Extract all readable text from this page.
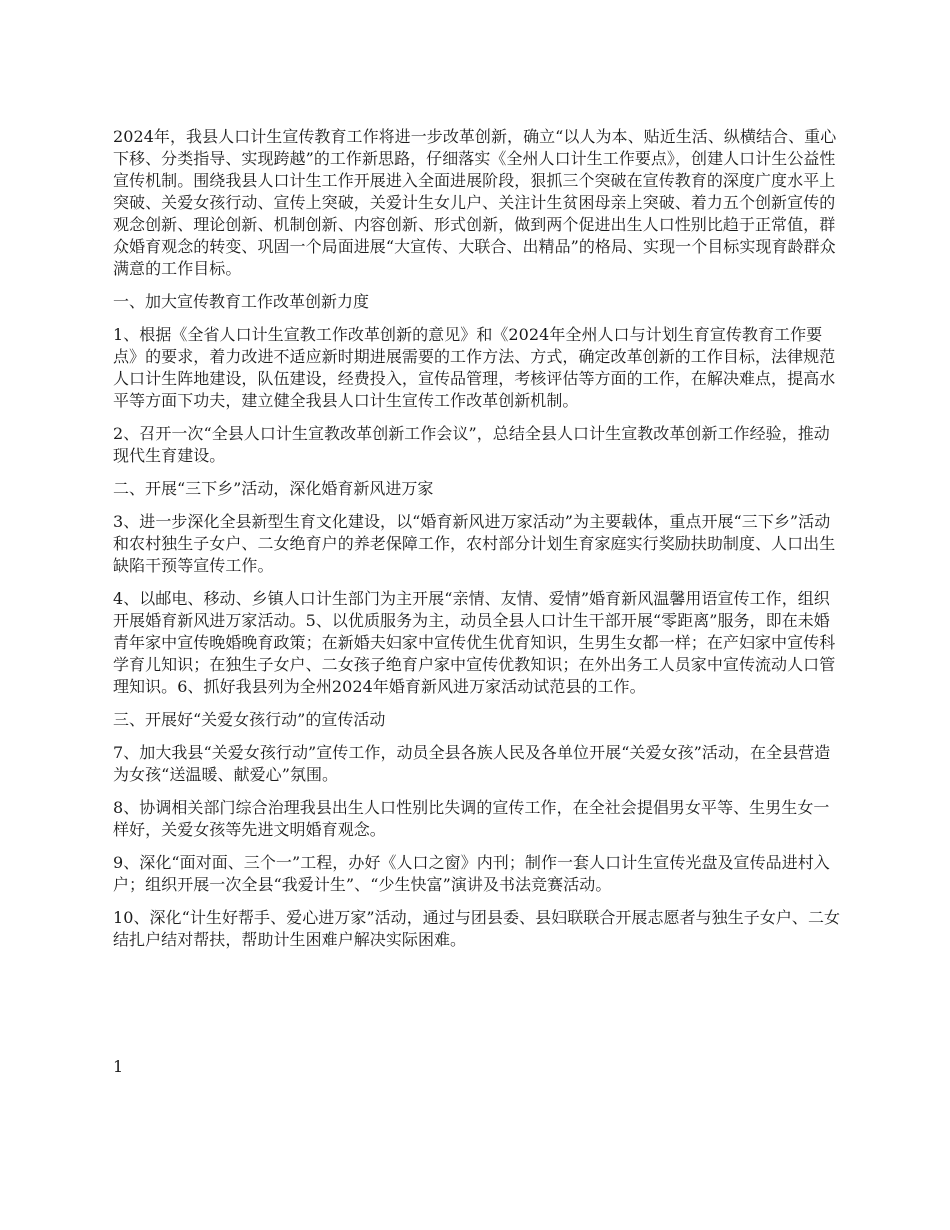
2024年，我县人口计生宣传教育工作将进一步改革创新，确立“以人为本、贴近生活、纵横结合、重心下移、分类指导、实现跨越”的工作新思路，仔细落实《全州人口计生工作要点》，创建人口计生公益性宣传机制。围绕我县人口计生工作开展进入全面进展阶段，狠抓三个突破在宣传教育的深度广度水平上突破、关爱女孩行动、宣传上突破，关爱计生女儿户、关注计生贫困母亲上突破、着力五个创新宣传的观念创新、理论创新、机制创新、内容创新、形式创新，做到两个促进出生人口性别比趋于正常值，群众婚育观念的转变、巩固一个局面进展“大宣传、大联合、出精品”的格局、实现一个目标实现育龄群众满意的工作目标。

一、加大宣传教育工作改革创新力度

1、根据《全省人口计生宣教工作改革创新的意见》和《2024年全州人口与计划生育宣传教育工作要点》的要求，着力改进不适应新时期进展需要的工作方法、方式，确定改革创新的工作目标，法律规范人口计生阵地建设，队伍建设，经费投入，宣传品管理，考核评估等方面的工作，在解决难点，提高水平等方面下功夫，建立健全我县人口计生宣传工作改革创新机制。

2、召开一次“全县人口计生宣教改革创新工作会议”，总结全县人口计生宣教改革创新工作经验，推动现代生育建设。

二、开展“三下乡”活动，深化婚育新风进万家

3、进一步深化全县新型生育文化建设，以“婚育新风进万家活动”为主要载体，重点开展“三下乡”活动和农村独生子女户、二女绝育户的养老保障工作，农村部分计划生育家庭实行奖励扶助制度、人口出生缺陷干预等宣传工作。

4、以邮电、移动、乡镇人口计生部门为主开展“亲情、友情、爱情”婚育新风温馨用语宣传工作，组织开展婚育新风进万家活动。5、以优质服务为主，动员全县人口计生干部开展“零距离”服务，即在未婚青年家中宣传晚婚晚育政策；在新婚夫妇家中宣传优生优育知识，生男生女都一样；在产妇家中宣传科学育儿知识；在独生子女户、二女孩子绝育户家中宣传优教知识；在外出务工人员家中宣传流动人口管理知识。6、抓好我县列为全州2024年婚育新风进万家活动试范县的工作。

三、开展好“关爱女孩行动”的宣传活动

7、加大我县“关爱女孩行动”宣传工作，动员全县各族人民及各单位开展“关爱女孩”活动，在全县营造为女孩“送温暖、献爱心”氛围。

8、协调相关部门综合治理我县出生人口性别比失调的宣传工作，在全社会提倡男女平等、生男生女一样好，关爱女孩等先进文明婚育观念。

9、深化“面对面、三个一”工程，办好《人口之窗》内刊；制作一套人口计生宣传光盘及宣传品进村入户；组织开展一次全县“我爱计生”、“少生快富”演讲及书法竞赛活动。

10、深化“计生好帮手、爱心进万家”活动，通过与团县委、县妇联联合开展志愿者与独生子女户、二女结扎户结对帮扶，帮助计生困难户解决实际困难。

1
